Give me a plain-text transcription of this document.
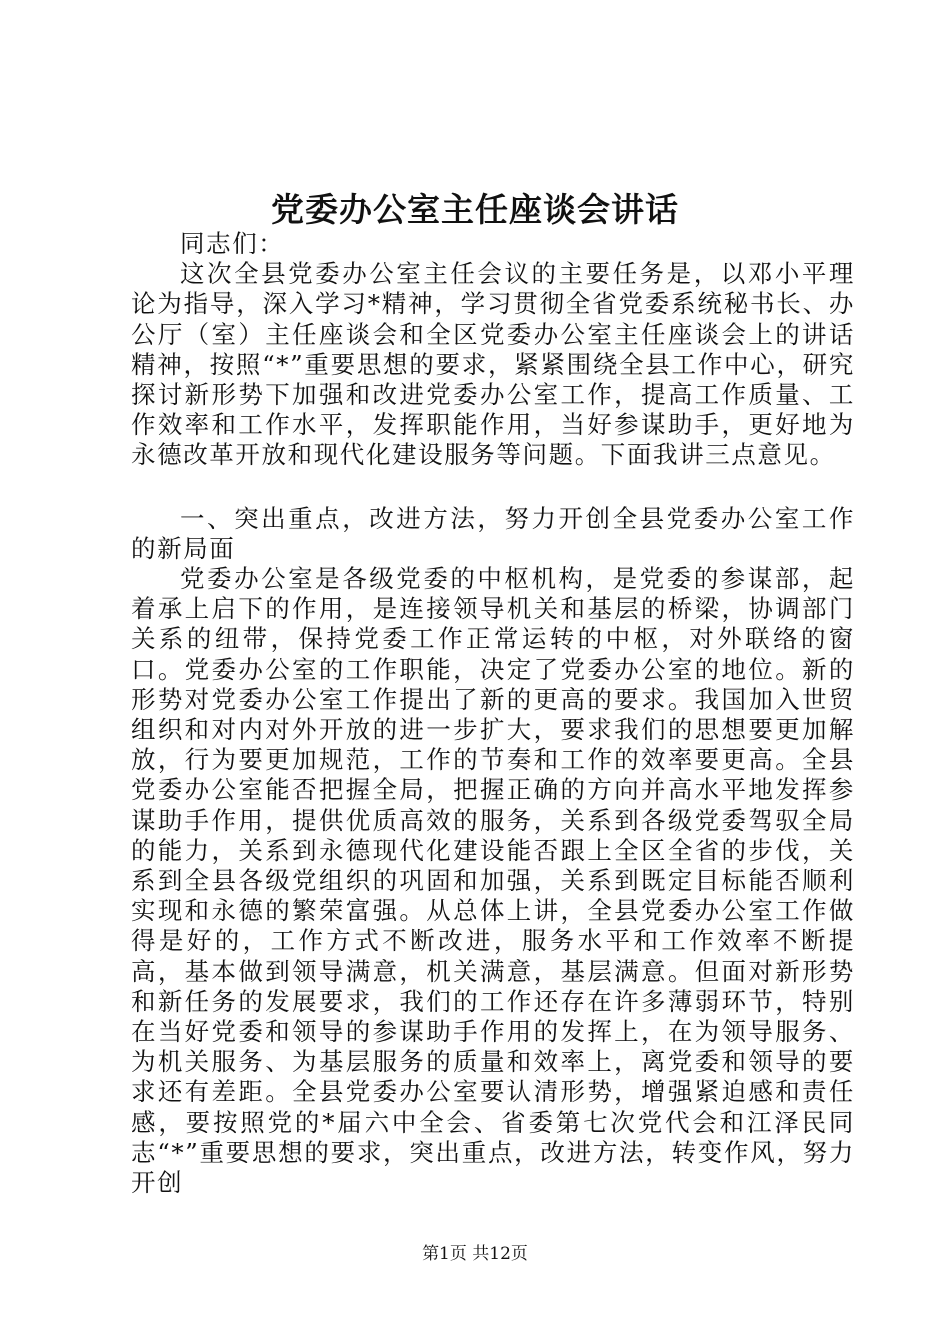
党委办公室主任座谈会讲话

同志们：

这次全县党委办公室主任会议的主要任务是，以邓小平理论为指导，深入学习*精神，学习贯彻全省党委系统秘书长、办公厅（室）主任座谈会和全区党委办公室主任座谈会上的讲话精神，按照“*”重要思想的要求，紧紧围绕全县工作中心，研究探讨新形势下加强和改进党委办公室工作，提高工作质量、工作效率和工作水平，发挥职能作用，当好参谋助手，更好地为永德改革开放和现代化建设服务等问题。下面我讲三点意见。

一、突出重点，改进方法，努力开创全县党委办公室工作的新局面

党委办公室是各级党委的中枢机构，是党委的参谋部，起着承上启下的作用，是连接领导机关和基层的桥梁，协调部门关系的纽带，保持党委工作正常运转的中枢，对外联络的窗口。党委办公室的工作职能，决定了党委办公室的地位。新的形势对党委办公室工作提出了新的更高的要求。我国加入世贸组织和对内对外开放的进一步扩大，要求我们的思想要更加解放，行为要更加规范，工作的节奏和工作的效率要更高。全县党委办公室能否把握全局，把握正确的方向并高水平地发挥参谋助手作用，提供优质高效的服务，关系到各级党委驾驭全局的能力，关系到永德现代化建设能否跟上全区全省的步伐，关系到全县各级党组织的巩固和加强，关系到既定目标能否顺利实现和永德的繁荣富强。从总体上讲，全县党委办公室工作做得是好的，工作方式不断改进，服务水平和工作效率不断提高，基本做到领导满意，机关满意，基层满意。但面对新形势和新任务的发展要求，我们的工作还存在许多薄弱环节，特别在当好党委和领导的参谋助手作用的发挥上，在为领导服务、为机关服务、为基层服务的质量和效率上，离党委和领导的要求还有差距。全县党委办公室要认清形势，增强紧迫感和责任感，要按照党的*届六中全会、省委第七次党代会和江泽民同志“*”重要思想的要求，突出重点，改进方法，转变作风，努力开创

第1页 共12页
